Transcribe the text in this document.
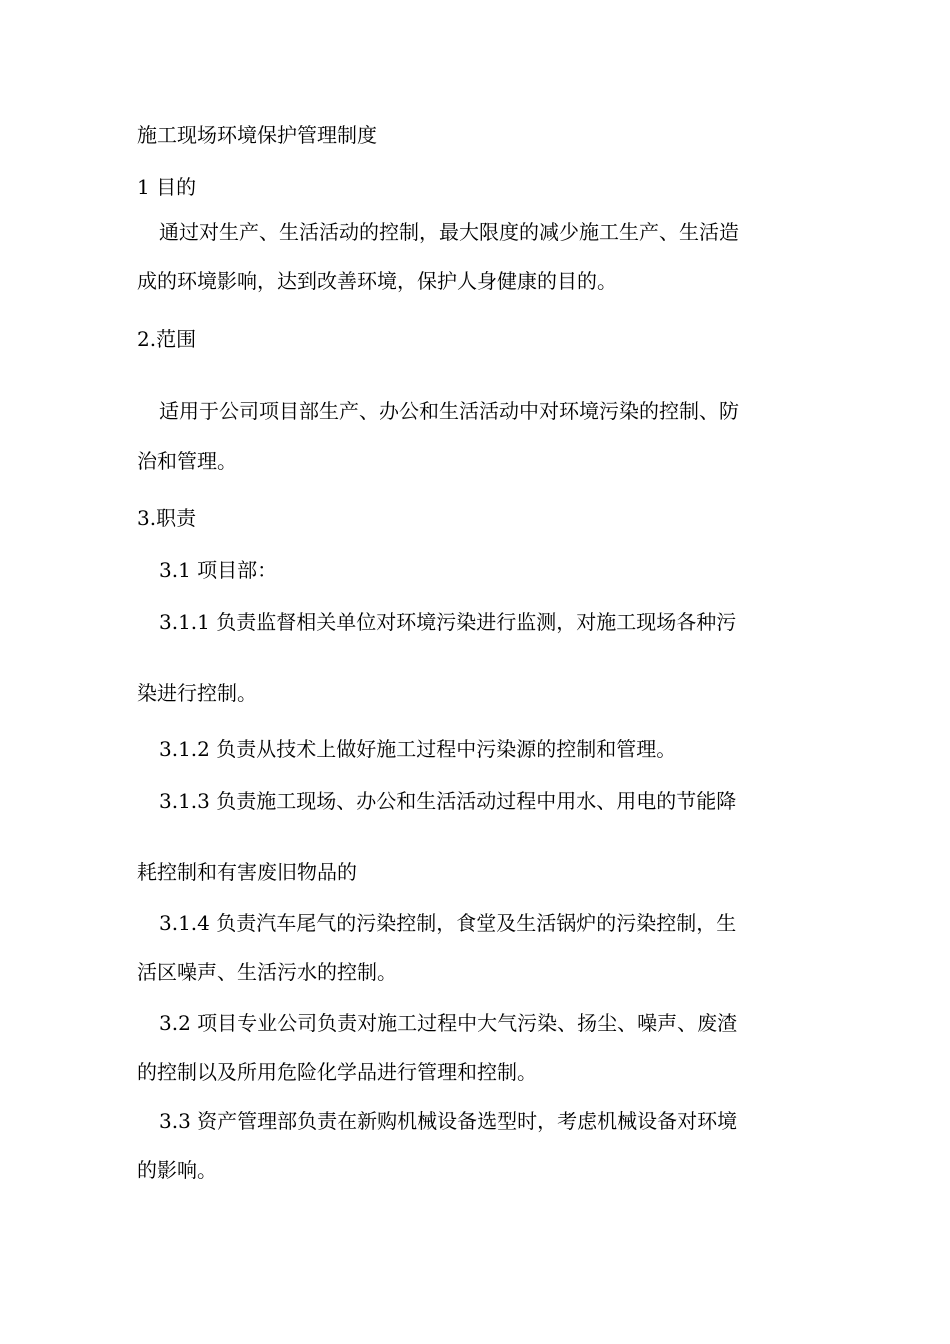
施工现场环境保护管理制度
1 目的
通过对生产、生活活动的控制，最大限度的减少施工生产、生活造
成的环境影响，达到改善环境，保护人身健康的目的。
2.范围
适用于公司项目部生产、办公和生活活动中对环境污染的控制、防
治和管理。
3.职责
3.1 项目部：
3.1.1 负责监督相关单位对环境污染进行监测，对施工现场各种污
染进行控制。
3.1.2 负责从技术上做好施工过程中污染源的控制和管理。
3.1.3 负责施工现场、办公和生活活动过程中用水、用电的节能降
耗控制和有害废旧物品的
3.1.4 负责汽车尾气的污染控制，食堂及生活锅炉的污染控制，生
活区噪声、生活污水的控制。
3.2 项目专业公司负责对施工过程中大气污染、扬尘、噪声、废渣
的控制以及所用危险化学品进行管理和控制。
3.3 资产管理部负责在新购机械设备选型时，考虑机械设备对环境
的影响。
